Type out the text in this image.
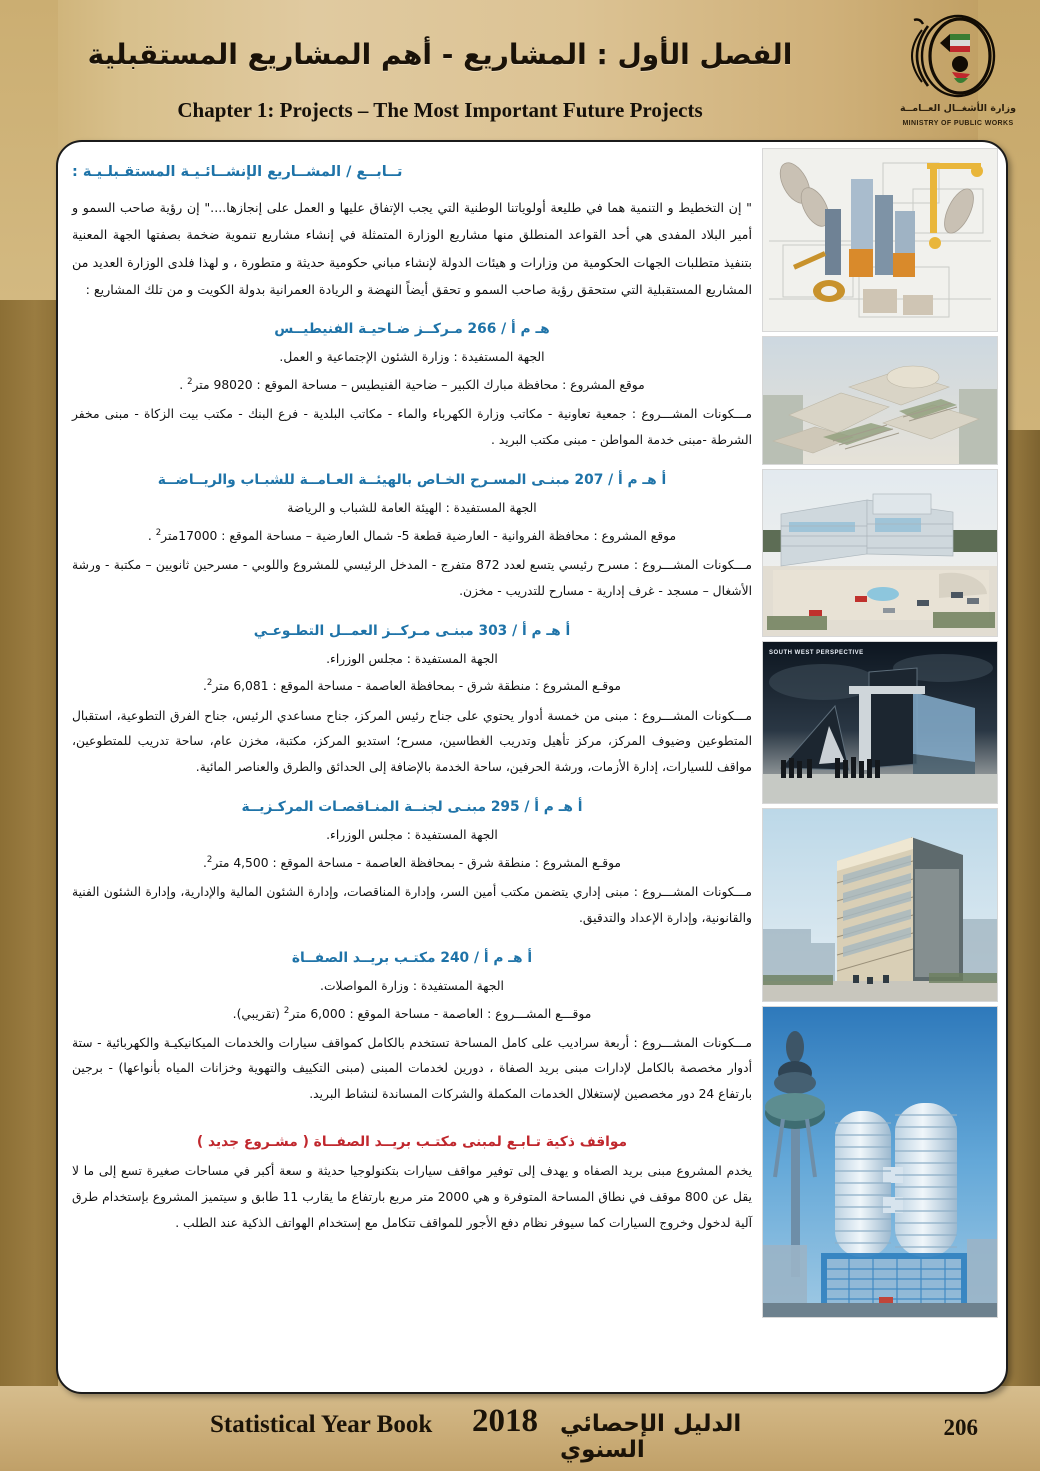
الفصل الأول : المشاريع - أهم المشاريع المستقبلية
Chapter 1: Projects – The Most Important Future Projects	وزارة الأشغــال العــامــة
MINISTRY OF PUBLIC WORKS
SOUTH WEST PERSPECTIVE
تــابــع / المشــاريع الإنشــائـيـة المستقـبلـيـة :

" إن التخطيط و التنمية هما في طليعة أولوياتنا الوطنية التي يجب الإتفاق عليها و العمل على إنجازها...." إن رؤية صاحب السمو و أمير البلاد المفدى هي أحد القواعد المنطلق منها مشاريع الوزارة المتمثلة في إنشاء مشاريع تنموية ضخمة بصفتها الجهة المعنية بتنفيذ متطلبات الجهات الحكومية من وزارات و هيئات الدولة لإنشاء مباني حكومية حديثة و متطورة ، و لهذا فلدى الوزارة العديد من المشاريع المستقبلية التي ستحقق رؤية صاحب السمو و تحقق أيضاً النهضة و الريادة العمرانية بدولة الكويت و من تلك المشاريع :

هـ م أ / 266 مـركــز ضـاحيـة الفنيطيــس
الجهة المستفيدة : وزارة الشئون الإجتماعية و العمل.
موقع المشروع : محافظة مبارك الكبير – ضاحية الفنيطيس – مساحة الموقع : 98020 متر$^2$ .

مـــكونات المشـــروع : جمعية تعاونية - مكاتب وزارة الكهرباء والماء - مكاتب البلدية - فرع البنك - مكتب بيت الزكاة - مبنى مخفر الشرطة -مبنى خدمة المواطن - مبنى مكتب البريد .

أ هـ م أ / 207 مبنـى المسـرح الخـاص بالهيئــة العـامــة للشبـاب والريــاضــة
الجهة المستفيدة : الهيئة العامة للشباب و الرياضة
موقع المشروع : محافظة الفروانية - العارضية قطعة 5- شمال العارضية – مساحة الموقع : 17000متر$^2$ .

مـــكونات المشـــروع : مسرح رئيسي يتسع لعدد 872 متفرج - المدخل الرئيسي للمشروع واللوبي - مسرحين ثانويين – مكتبة - ورشة الأشغال – مسجد - غرف إدارية - مسارح للتدريب - مخزن.

أ هـ م أ / 303 مبنـى مـركــز العمــل التطـوعـي
الجهة المستفيدة : مجلس الوزراء.
موقـع المشروع : منطقة شرق - بمحافظة العاصمة - مساحة الموقع : 6,081 متر$^2$.

مـــكونات المشـــروع : مبنى من خمسة أدوار يحتوي على جناح رئيس المركز، جناح مساعدي الرئيس، جناح الفرق التطوعية، استقبال المتطوعين وضيوف المركز، مركز تأهيل وتدريب الغطاسين، مسرح؛ استديو المركز، مكتبة، مخزن عام، ساحة تدريب للمتطوعين، مواقف للسيارات، إدارة الأزمات، ورشة الحرفين، ساحة الخدمة بالإضافة إلى الحدائق والطرق والعناصر المائية.

أ هـ م أ / 295 مبنـى لجنــة المنـاقصـات المركـزيــة
الجهة المستفيدة : مجلس الوزراء.
موقـع المشروع : منطقة شرق - بمحافظة العاصمة - مساحة الموقع : 4,500 متر$^2$.

مـــكونات المشـــروع : مبنى إداري يتضمن مكتب أمين السر، وإدارة المناقصات، وإدارة الشئون المالية والإدارية، وإدارة الشئون الفنية والقانونية، وإدارة الإعداد والتدقيق.

أ هـ م أ / 240 مكتـب بريــد الصفــاة
الجهة المستفيدة : وزارة المواصلات.
موقـــع المشـــروع : العاصمة - مساحة الموقع : 6,000 متر$^2$ (تقريبي).

مـــكونات المشـــروع : أربعة سراديب على كامل المساحة تستخدم بالكامل كمواقف سيارات والخدمات الميكانيكيـة والكهربائية - ستة أدوار مخصصة بالكامل لإدارات مبنى بريد الصفاة ، دورين لخدمات المبنى (مبنى التكييف والتهوية وخزانات المياه بأنواعها) - برجين بارتفاع 24 دور مخصصين لإستغلال الخدمات المكملة والشركات المساندة لنشاط البريد.

مواقف ذكية تـابـع لمبنى مكتـب بريــد الصفــاة ( مشـروع جديد )

يخدم المشروع مبنى بريد الصفاه و يهدف إلى توفير مواقف سيارات بتكنولوجيا حديثة و سعة أكبر في مساحات صغيرة تسع إلى ما لا يقل عن 800 موقف في نطاق المساحة المتوفرة و هي 2000 متر مربع بارتفاع ما يقارب 11 طابق و سيتميز المشروع بإستخدام طرق آلية لدخول وخروج السيارات كما سيوفر نظام دفع الأجور للمواقف تتكامل مع إستخدام الهواتف الذكية عند الطلب .

Statistical Year Book 2018 الدليل الإحصائي السنوي
206
